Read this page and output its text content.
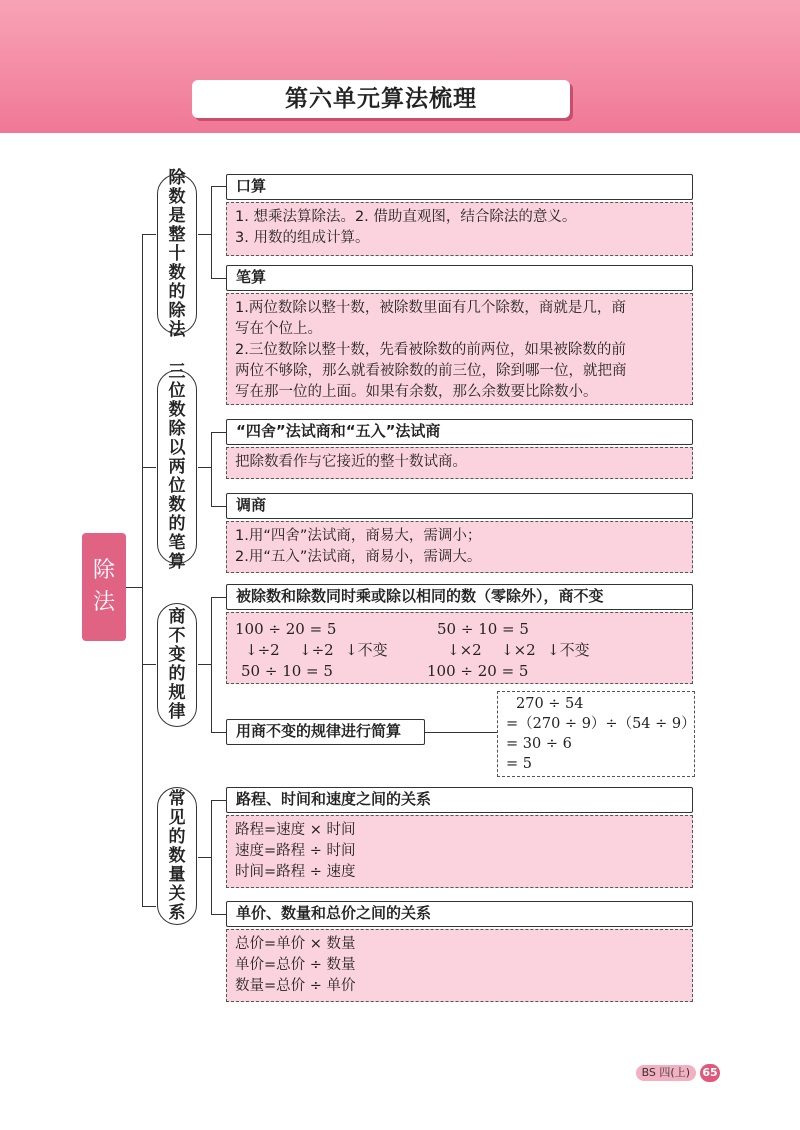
第六单元算法梳理
除
法
除
数
是
整
十
数
的
除
法
口算
1. 想乘法算除法。2. 借助直观图，结合除法的意义。
3. 用数的组成计算。
笔算
1.两位数除以整十数，被除数里面有几个除数，商就是几，商
写在个位上。
2.三位数除以整十数，先看被除数的前两位，如果被除数的前
两位不够除，那么就看被除数的前三位，除到哪一位，就把商
写在那一位的上面。如果有余数，那么余数要比除数小。
三
位
数
除
以
两
位
数
的
笔
算
“四舍”法试商和“五入”法试商
把除数看作与它接近的整十数试商。
调商
1.用“四舍”法试商，商易大，需调小；
2.用“五入”法试商，商易小，需调大。
商
不
变
的
规
律
被除数和除数同时乘或除以相同的数（零除外），商不变
100 ÷ 20 = 5
↓÷2 ↓÷2 ↓不变
50 ÷ 10 = 5
50 ÷ 10 = 5
↓×2 ↓×2 ↓不变
100 ÷ 20 = 5
用商不变的规律进行简算
270 ÷ 54
=（270 ÷ 9）÷（54 ÷ 9）
= 30 ÷ 6
= 5
常
见
的
数
量
关
系
路程、时间和速度之间的关系
路程=速度 × 时间
速度=路程 ÷ 时间
时间=路程 ÷ 速度
单价、数量和总价之间的关系
总价=单价 × 数量
单价=总价 ÷ 数量
数量=总价 ÷ 单价
BS 四(上)	65
